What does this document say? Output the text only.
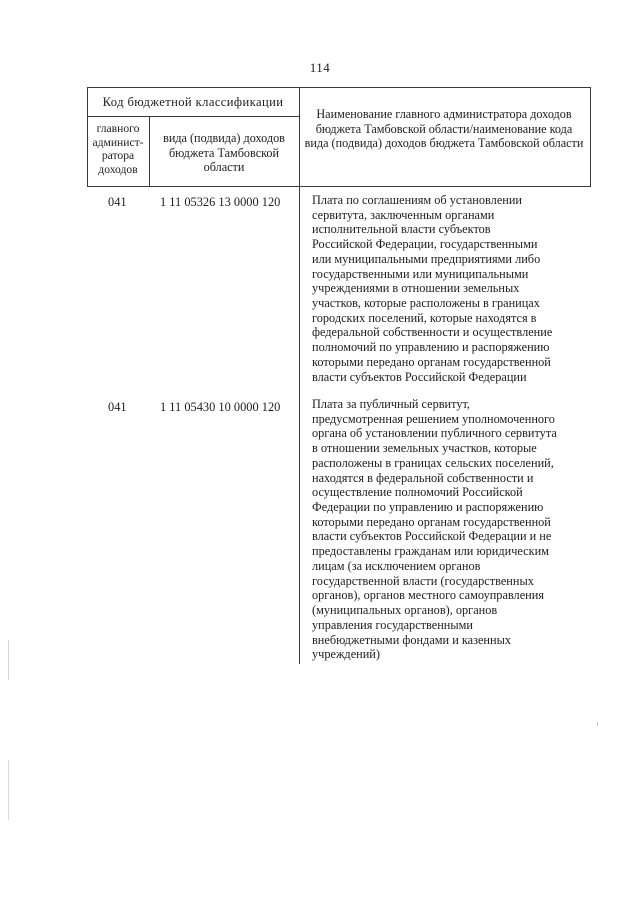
114
Код бюджетной классификации
главного
админист-
ратора
доходов
вида (подвида) доходов бюджета Тамбовской области
Наименование главного администратора доходов бюджета Тамбовской области/наименование кода вида (подвида) доходов бюджета Тамбовской области
041	1 11 05326 13 0000 120	Плата по соглашениям об установлении
сервитута, заключенным органами
исполнительной власти субъектов
Российской Федерации, государственными
или муниципальными предприятиями либо
государственными или муниципальными
учреждениями в отношении земельных
участков, которые расположены в границах
городских поселений, которые находятся в
федеральной собственности и осуществление
полномочий по управлению и распоряжению
которыми передано органам государственной
власти субъектов Российской Федерации
041	1 11 05430 10 0000 120	Плата за публичный сервитут,
предусмотренная решением уполномоченного
органа об установлении публичного сервитута
в отношении земельных участков, которые
расположены в границах сельских поселений,
находятся в федеральной собственности и
осуществление полномочий Российской
Федерации по управлению и распоряжению
которыми передано органам государственной
власти субъектов Российской Федерации и не
предоставлены гражданам или юридическим
лицам (за исключением органов
государственной власти (государственных
органов), органов местного самоуправления
(муниципальных органов), органов
управления государственными
внебюджетными фондами и казенных
учреждений)
